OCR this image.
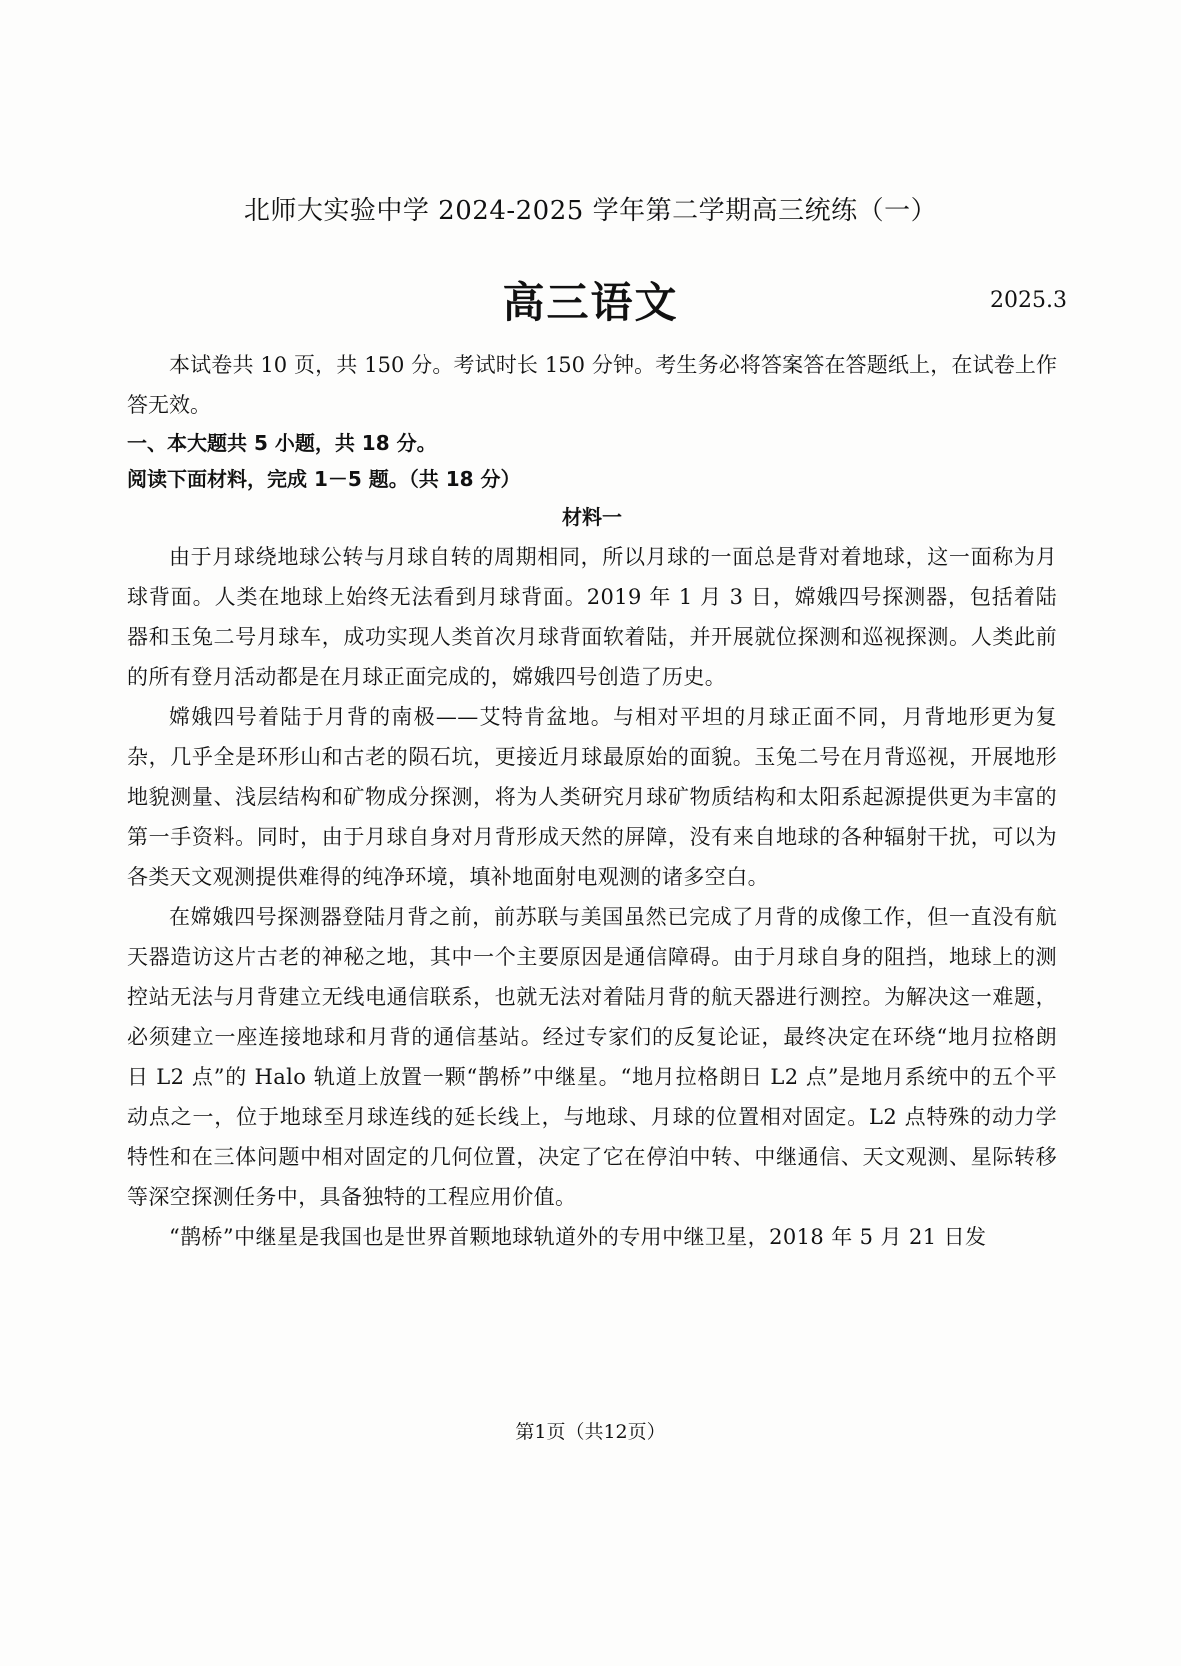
北师大实验中学 2024-2025 学年第二学期高三统练（一）
高三语文	2025.3

本试卷共 10 页，共 150 分。考试时长 150 分钟。考生务必将答案答在答题纸上，在试卷上作答无效。

一、本大题共 5 小题，共 18 分。

阅读下面材料，完成 1－5 题。（共 18 分）

材料一

由于月球绕地球公转与月球自转的周期相同，所以月球的一面总是背对着地球，这一面称为月球背面。人类在地球上始终无法看到月球背面。2019 年 1 月 3 日，嫦娥四号探测器，包括着陆器和玉兔二号月球车，成功实现人类首次月球背面软着陆，并开展就位探测和巡视探测。人类此前的所有登月活动都是在月球正面完成的，嫦娥四号创造了历史。

嫦娥四号着陆于月背的南极——艾特肯盆地。与相对平坦的月球正面不同，月背地形更为复杂，几乎全是环形山和古老的陨石坑，更接近月球最原始的面貌。玉兔二号在月背巡视，开展地形地貌测量、浅层结构和矿物成分探测，将为人类研究月球矿物质结构和太阳系起源提供更为丰富的第一手资料。同时，由于月球自身对月背形成天然的屏障，没有来自地球的各种辐射干扰，可以为各类天文观测提供难得的纯净环境，填补地面射电观测的诸多空白。

在嫦娥四号探测器登陆月背之前，前苏联与美国虽然已完成了月背的成像工作，但一直没有航天器造访这片古老的神秘之地，其中一个主要原因是通信障碍。由于月球自身的阻挡，地球上的测控站无法与月背建立无线电通信联系，也就无法对着陆月背的航天器进行测控。为解决这一难题，必须建立一座连接地球和月背的通信基站。经过专家们的反复论证，最终决定在环绕“地月拉格朗日 L2 点”的 Halo 轨道上放置一颗“鹊桥”中继星。“地月拉格朗日 L2 点”是地月系统中的五个平动点之一，位于地球至月球连线的延长线上，与地球、月球的位置相对固定。L2 点特殊的动力学特性和在三体问题中相对固定的几何位置，决定了它在停泊中转、中继通信、天文观测、星际转移等深空探测任务中，具备独特的工程应用价值。

“鹊桥”中继星是我国也是世界首颗地球轨道外的专用中继卫星，2018 年 5 月 21 日发

第1页（共12页）
